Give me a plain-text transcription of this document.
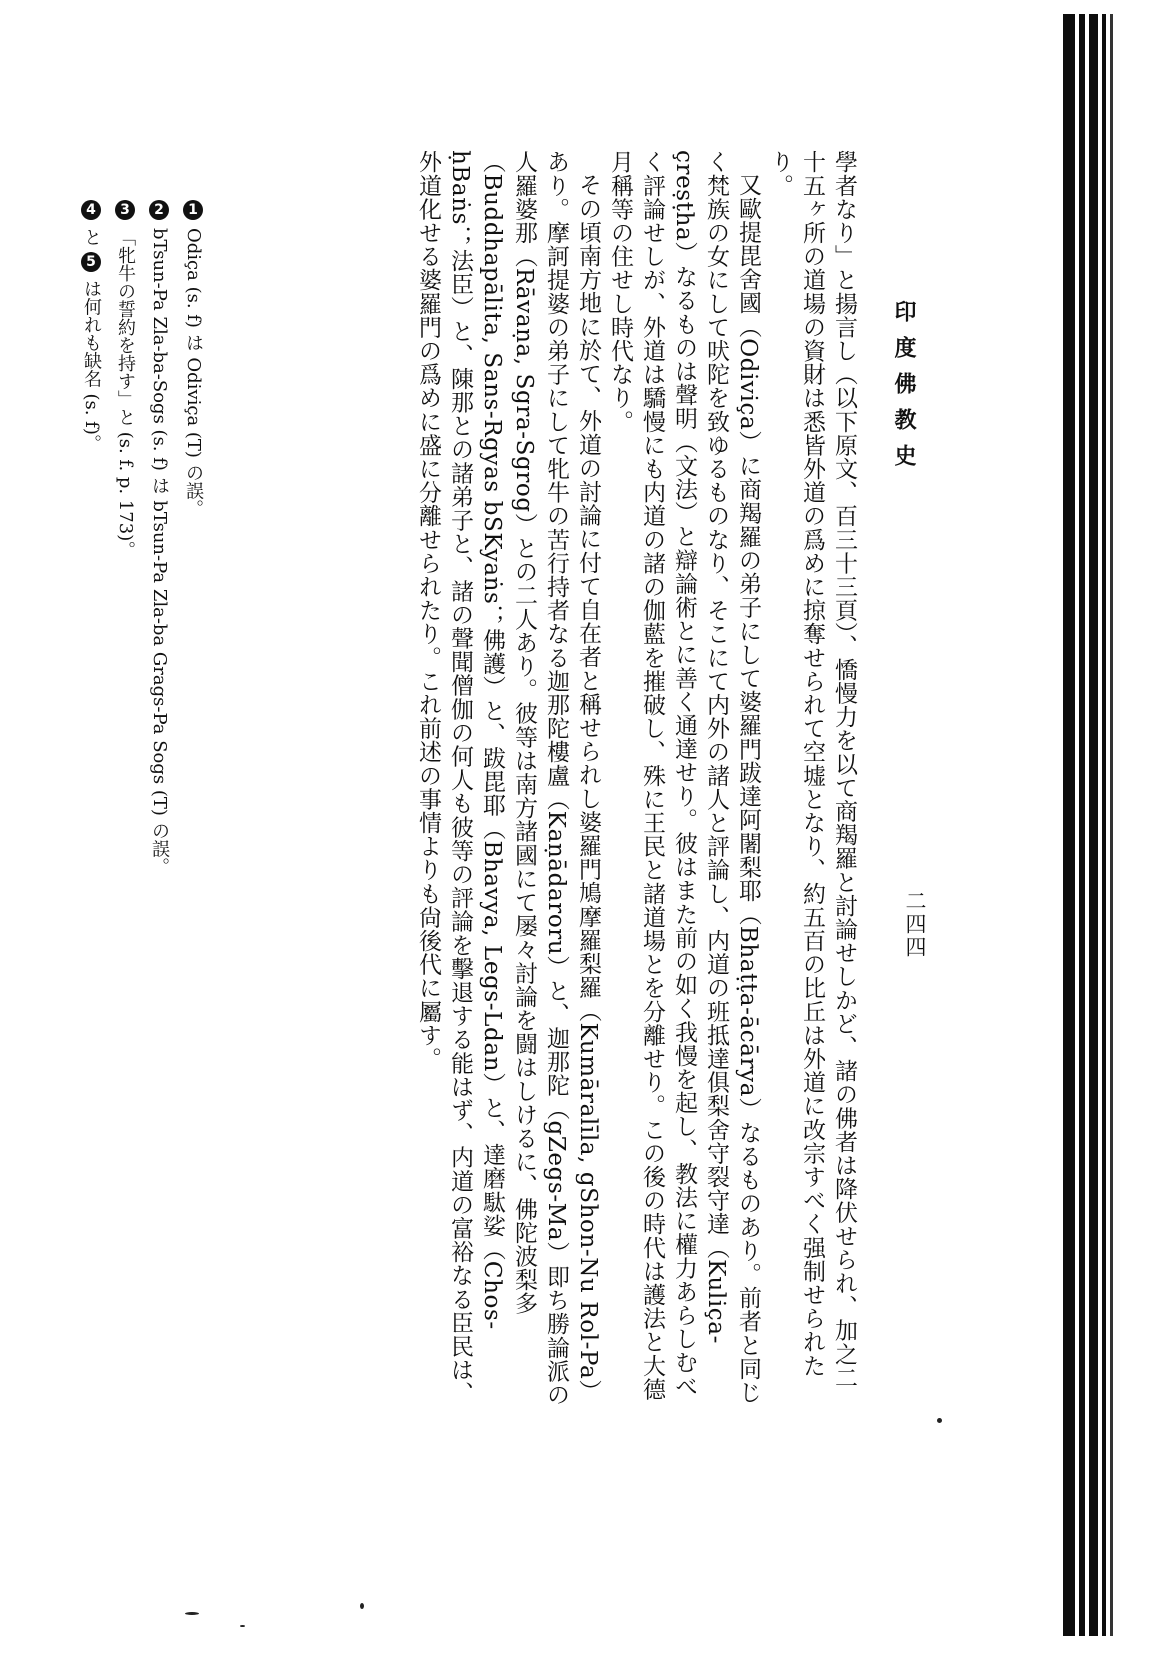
印度佛教史
二四四

學者なり」と揚言し（以下原文、百三十三頁）、憍慢力を以て商羯羅と討論せしかど、諸の佛者は降伏せられ、加之二十五ヶ所の道場の資財は悉皆外道の爲めに掠奪せられて空墟となり、約五百の比丘は外道に改宗すべく强制せられたり。

又歐提毘舍國（Odiviça）に商羯羅の弟子にして婆羅門跋達阿闍梨耶（Bhaṭṭa-ācārya）なるものあり。前者と同じく梵族の女にして吠陀を致ゆるものなり、そこにて内外の諸人と評論し、内道の班抵達俱梨舍守裂守達（Kuliça-çreṣṭha）なるものは聲明（文法）と辯論術とに善く通達せり。彼はまた前の如く我慢を起し、教法に權力あらしむべく評論せしが、外道は驕慢にも内道の諸の伽藍を摧破し、殊に王民と諸道場とを分離せり。この後の時代は護法と大德月稱等の住せし時代なり。

その頃南方地に於て、外道の討論に付て自在者と稱せられし婆羅門鳩摩羅梨羅（Kumāralīla, gShon-Nu Rol-Pa）あり。摩訶提婆の弟子にして牝牛の苦行持者なる迦那陀樓盧（Kaṇādaroru）と、迦那陀（gZegs-Ma）即ち勝論派の人羅婆那（Rāvaṇa, Sgra-Sgrog）との二人あり。彼等は南方諸國にて屡々討論を闘はしけるに、佛陀波梨多（Buddhapālita, Sans-Rgyas bSKyaṅs；佛護）と、跋毘耶（Bhavya, Legs-Ldan）と、達磨駄娑（Chos-ḥBaṅs；法臣）と、陳那との諸弟子と、諸の聲聞僧伽の何人も彼等の評論を擊退する能はず、内道の富裕なる臣民は、外道化せる婆羅門の爲めに盛に分離せられたり。これ前述の事情よりも尙後代に屬す。

1Odiça (s. f) は Odiviça (T) の誤。

2bTsun-Pa Zla-ba-Sogs (s. f) は bTsun-Pa Zla-ba Grags-Pa Sogs (T) の誤。

3「牝牛の誓約を持す」と (s. f. p. 173)。

4と 5は何れも缺名 (s. f)。
